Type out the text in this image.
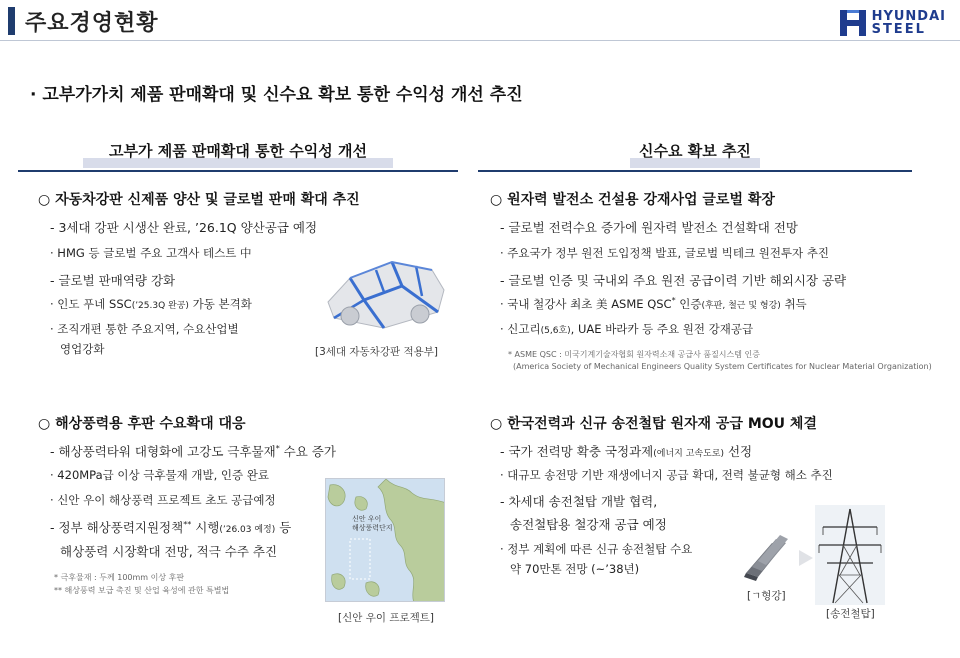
주요경영현황	HYUNDAI
STEEL
· 고부가가치 제품 판매확대 및 신수요 확보 통한 수익성 개선 추진
고부가 제품 판매확대 통한 수익성 개선	신수요 확보 추진
○ 자동차강판 신제품 양산 및 글로벌 판매 확대 추진
- 3세대 강판 시생산 완료, ’26.1Q 양산공급 예정
· HMG 등 글로벌 주요 고객사 테스트 中
- 글로벌 판매역량 강화
· 인도 푸네 SSC(’25.3Q 완공) 가동 본격화
· 조직개편 통한 주요지역, 수요산업별
영업강화	[3세대 자동차강판 적용부]
○ 해상풍력용 후판 수요확대 대응
- 해상풍력타워 대형화에 고강도 극후물재* 수요 증가
· 420MPa급 이상 극후물재 개발, 인증 완료
· 신안 우이 해상풍력 프로젝트 초도 공급예정
- 정부 해상풍력지원정책** 시행(’26.03 예정) 등
해상풍력 시장확대 전망, 적극 수주 추진
* 극후물재 : 두께 100mm 이상 후판
** 해상풍력 보급 촉진 및 산업 육성에 관한 특별법
신안 우이
해상풍력단지
[신안 우이 프로젝트]
○ 원자력 발전소 건설용 강재사업 글로벌 확장
- 글로벌 전력수요 증가에 원자력 발전소 건설확대 전망
· 주요국가 정부 원전 도입정책 발표, 글로벌 빅테크 원전투자 추진
- 글로벌 인증 및 국내외 주요 원전 공급이력 기반 해외시장 공략
· 국내 철강사 최초 美 ASME QSC* 인증(후판, 철근 및 형강) 취득
· 신고리(5,6호), UAE 바라카 등 주요 원전 강재공급
* ASME QSC : 미국기계기술자협회 원자력소재 공급사 품질시스템 인증
(America Society of Mechanical Engineers Quality System Certificates for Nuclear Material Organization)
○ 한국전력과 신규 송전철탑 원자재 공급 MOU 체결
- 국가 전력망 확충 국정과제(에너지 고속도로) 선정
· 대규모 송전망 기반 재생에너지 공급 확대, 전력 불균형 해소 추진
- 차세대 송전철탑 개발 협력,
송전철탑용 철강재 공급 예정
· 정부 계획에 따른 신규 송전철탑 수요
약 70만톤 전망 (~’38년)
[ㄱ형강]
[송전철탑]
